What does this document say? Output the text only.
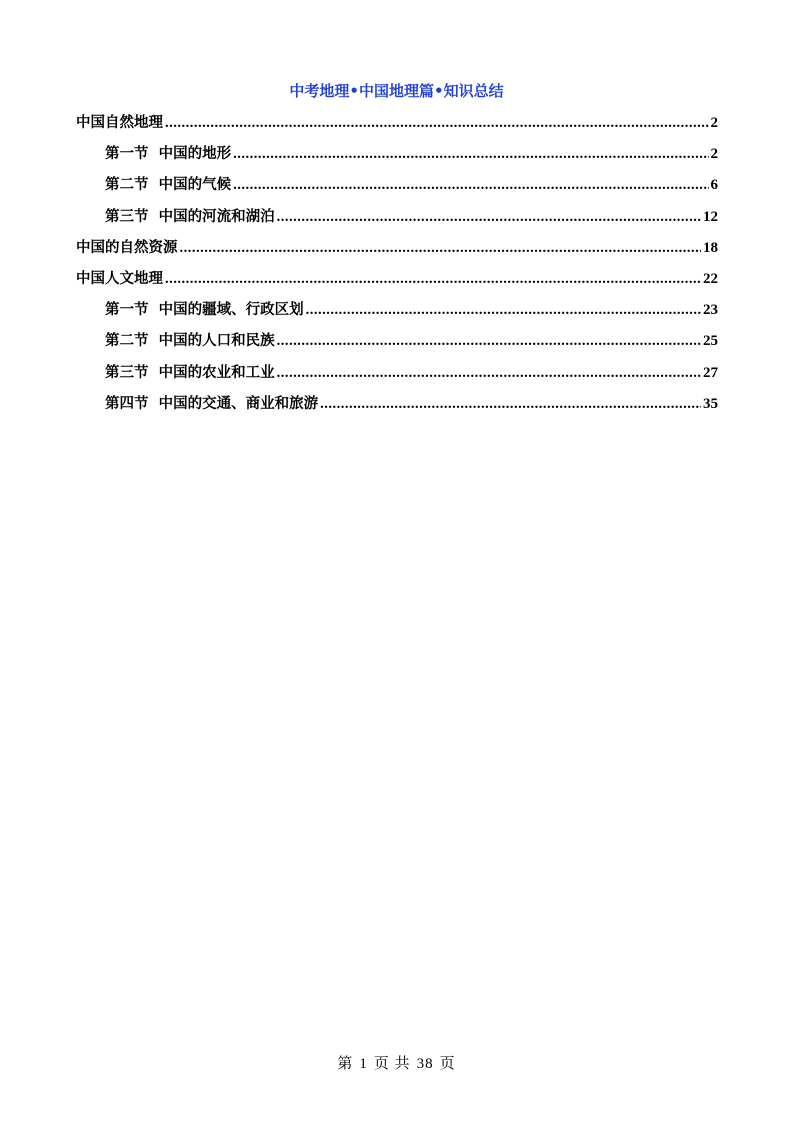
中考地理•中国地理篇•知识总结
中国自然地理 .....	2
第一节  中国的地形 .....	2
第二节  中国的气候 .....	6
第三节  中国的河流和湖泊 .....	12
中国的自然资源 .....	18
中国人文地理 .....	22
第一节  中国的疆域、行政区划 .....	23
第二节  中国的人口和民族 .....	25
第三节  中国的农业和工业 .....	27
第四节  中国的交通、商业和旅游 .....	35
第 1 页 共 38 页
